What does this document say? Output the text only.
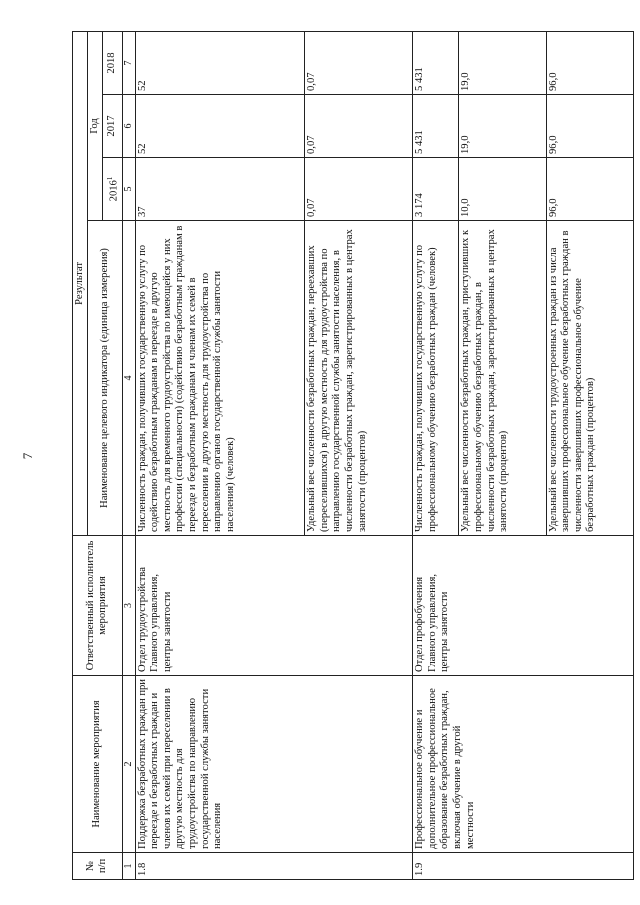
7
№ п/п	Наименование мероприятия	Ответственный исполнитель мероприятия	Результат			
			Наименование целевого индикатора (единица измерения)	Год		
				2016$^1$	2017	2018
1	2	3	4	5	6	7
1.8	Поддержка безработных граждан при переезде и безработных граждан и членов их семей при переселении в другую местность для трудоустройства по направлению государственной службы занятости населения	Отдел трудоустройства Главного управления, центры занятости	Численность граждан, получивших государственную услугу по содействию безработным гражданам в переезде в другую местность для временного трудоустройства по имеющейся у них профессии (специальности) (содействию безработным гражданам в переезде и безработным гражданам и членам их семей в переселении в другую местность для трудоустройства по направлению органов государственной службы занятости населения) (человек)	37	52	52
			Удельный вес численности безработных граждан, переехавших (переселившихся) в другую местность для трудоустройства по направлению государственной службы занятости населения, в численности безработных граждан, зарегистрированных в центрах занятости (процентов)	0,07	0,07	0,07
1.9	Профессиональное обучение и дополнительное профессиональное образование безработных граждан, включая обучение в другой местности	Отдел профобучения Главного управления, центры занятости	Численность граждан, получивших государственную услугу по профессиональному обучению безработных граждан (человек)	3 174	5 431	5 431
			Удельный вес численности безработных граждан, приступивших к профессиональному обучению безработных граждан, в численности безработных граждан, зарегистрированных в центрах занятости (процентов)	10,0	19,0	19,0
			Удельный вес численности трудоустроенных граждан из числа завершивших профессиональное обучение безработных граждан в численности завершивших профессиональное обучение безработных граждан (процентов)	96,0	96,0	96,0
